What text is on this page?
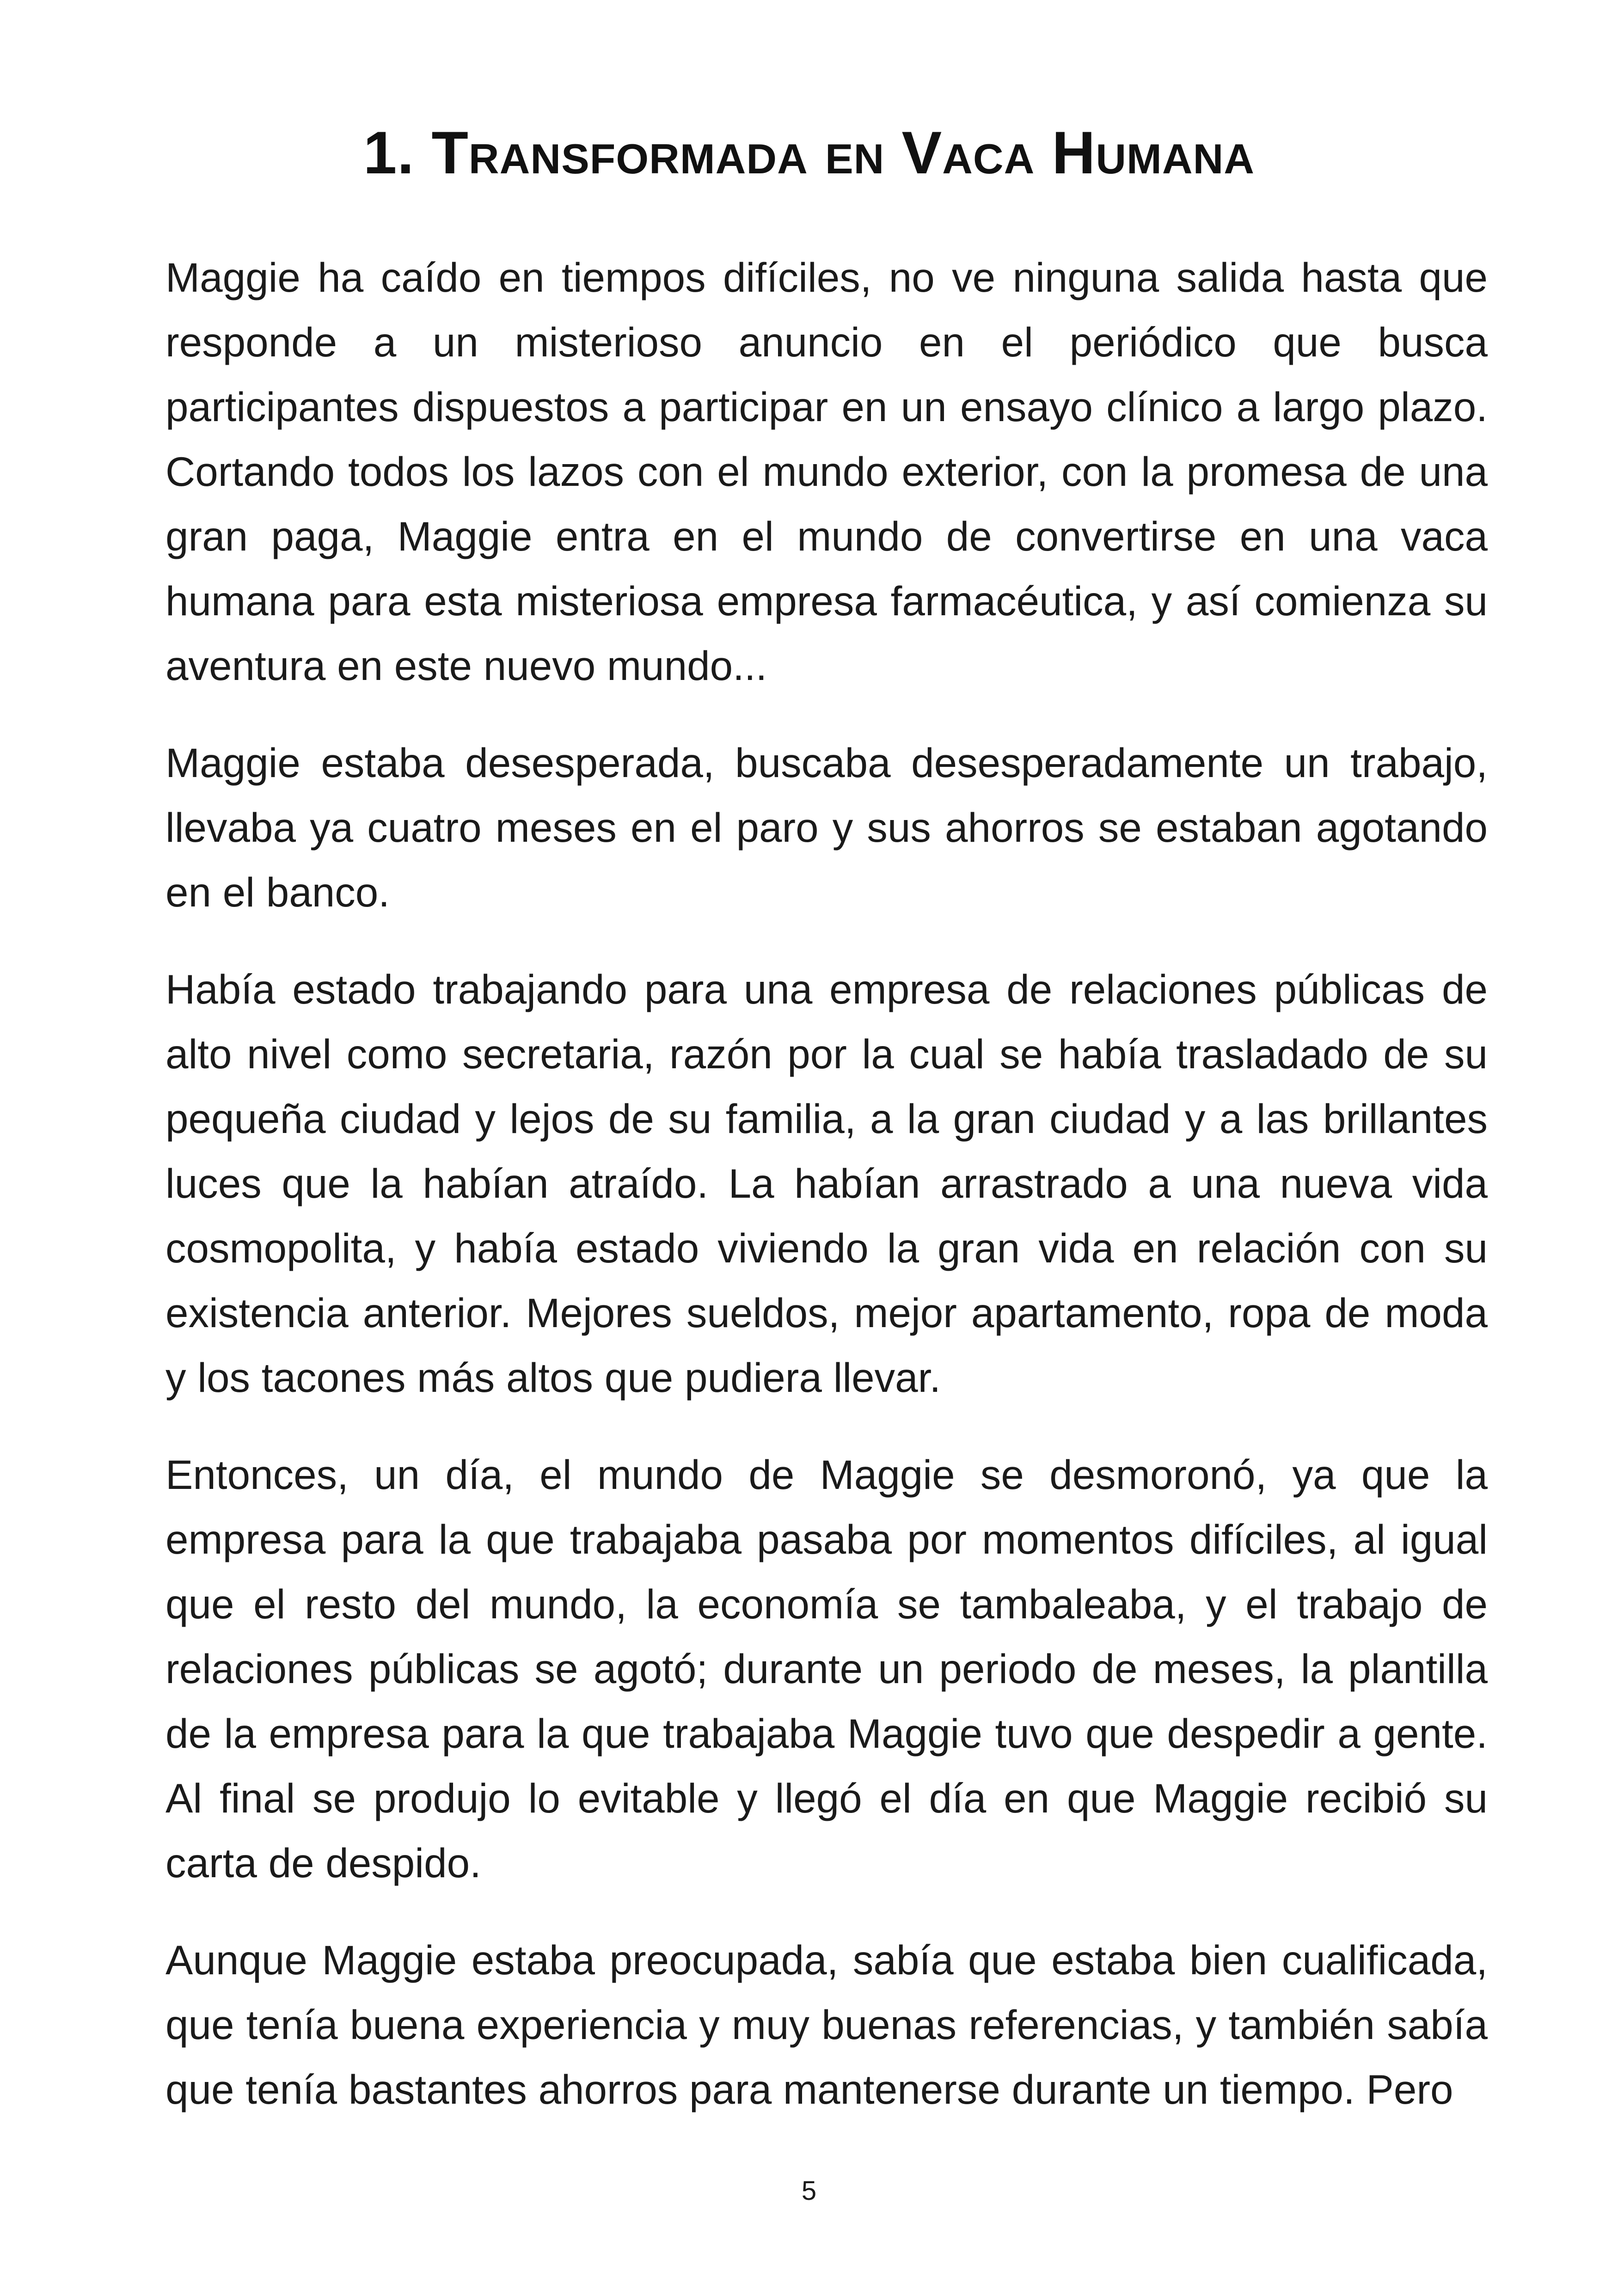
1. Transformada en Vaca Humana

Maggie ha caído en tiempos difíciles, no ve ninguna salida hasta que responde a un misterioso anuncio en el periódico que busca participantes dispuestos a participar en un ensayo clínico a largo plazo. Cortando todos los lazos con el mundo exterior, con la promesa de una gran paga, Maggie entra en el mundo de convertirse en una vaca humana para esta misteriosa empresa farmacéutica, y así comienza su aventura en este nuevo mundo...

Maggie estaba desesperada, buscaba desesperadamente un trabajo, llevaba ya cuatro meses en el paro y sus ahorros se estaban agotando en el banco.

Había estado trabajando para una empresa de relaciones públicas de alto nivel como secretaria, razón por la cual se había trasladado de su pequeña ciudad y lejos de su familia, a la gran ciudad y a las brillantes luces que la habían atraído. La habían arrastrado a una nueva vida cosmopolita, y había estado viviendo la gran vida en relación con su existencia anterior. Mejores sueldos, mejor apartamento, ropa de moda y los tacones más altos que pudiera llevar.

Entonces, un día, el mundo de Maggie se desmoronó, ya que la empresa para la que trabajaba pasaba por momentos difíciles, al igual que el resto del mundo, la economía se tambaleaba, y el trabajo de relaciones públicas se agotó; durante un periodo de meses, la plantilla de la empresa para la que trabajaba Maggie tuvo que despedir a gente. Al final se produjo lo evitable y llegó el día en que Maggie recibió su carta de despido.

Aunque Maggie estaba preocupada, sabía que estaba bien cualificada, que tenía buena experiencia y muy buenas referencias, y también sabía que tenía bastantes ahorros para mantenerse durante un tiempo. Pero

5
